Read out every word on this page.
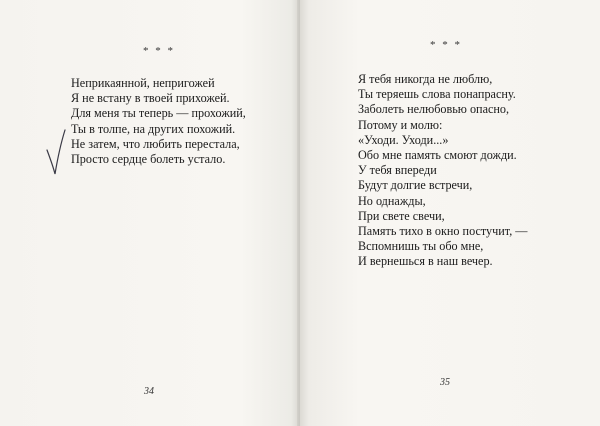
* * *
Неприкаянной, непригожей
Я не встану в твоей прихожей.
Для меня ты теперь — прохожий,
Ты в толпе, на других похожий.
Не затем, что любить перестала,
Просто сердце болеть устало.
34
* * *
Я тебя никогда не люблю,
Ты теряешь слова понапрасну.
Заболеть нелюбовью опасно,
Потому и молю:
«Уходи. Уходи...»
Обо мне память смоют дожди.
У тебя впереди
Будут долгие встречи,
Но однажды,
При свете свечи,
Память тихо в окно постучит, —
Вспомнишь ты обо мне,
И вернешься в наш вечер.
35
